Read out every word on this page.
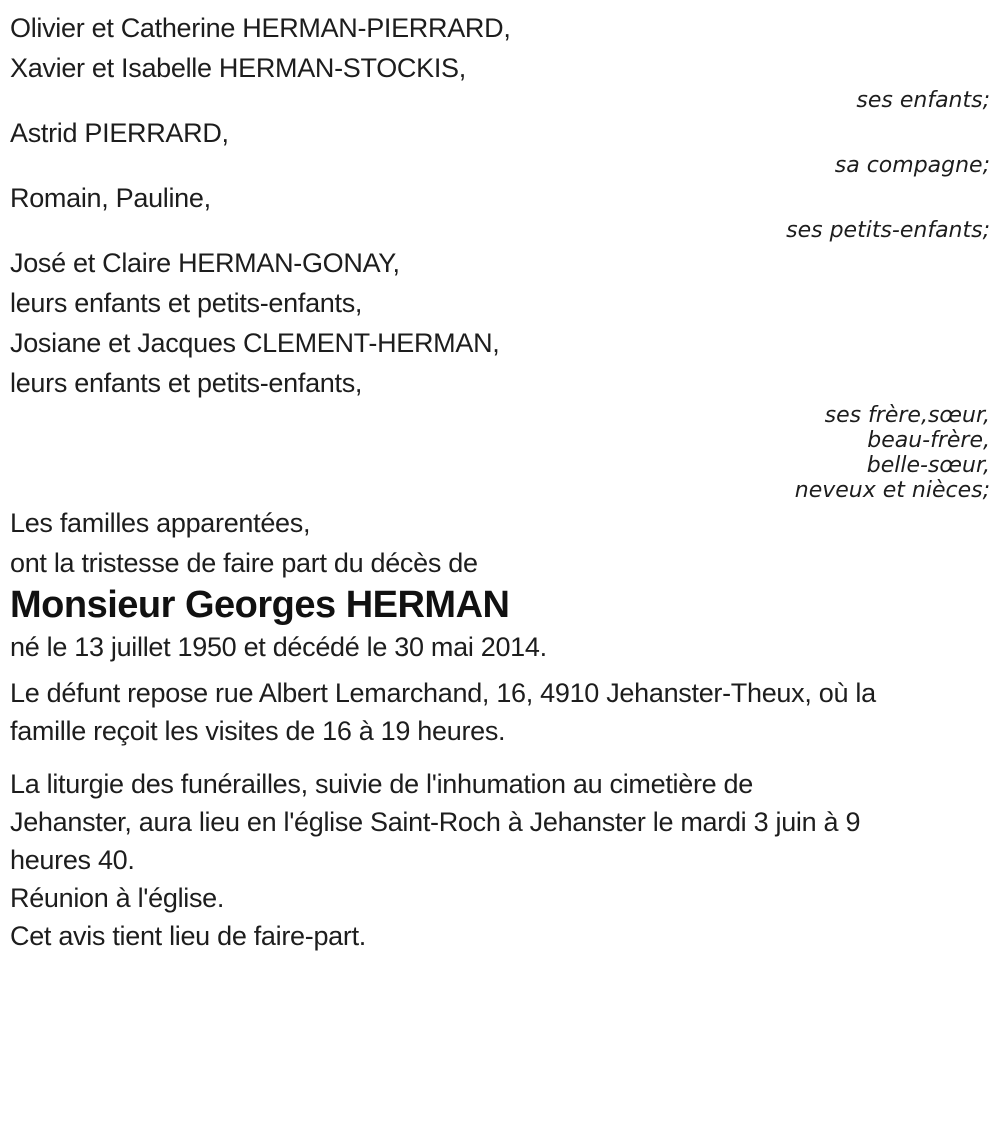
Olivier et Catherine HERMAN-PIERRARD,

Xavier et Isabelle HERMAN-STOCKIS,

ses enfants;

Astrid PIERRARD,

sa compagne;

Romain, Pauline,

ses petits-enfants;

José et Claire HERMAN-GONAY,

leurs enfants et petits-enfants,

Josiane et Jacques CLEMENT-HERMAN,

leurs enfants et petits-enfants,

ses frère,sœur,

beau-frère,

belle-sœur,

neveux et nièces;

Les familles apparentées,

ont la tristesse de faire part du décès de

Monsieur Georges HERMAN

né le 13 juillet 1950 et décédé le 30 mai 2014.

Le défunt repose rue Albert Lemarchand, 16, 4910 Jehanster-Theux, où la

famille reçoit les visites de 16 à 19 heures.

La liturgie des funérailles, suivie de l'inhumation au cimetière de

Jehanster, aura lieu en l'église Saint-Roch à Jehanster le mardi 3 juin à 9

heures 40.

Réunion à l'église.

Cet avis tient lieu de faire-part.
